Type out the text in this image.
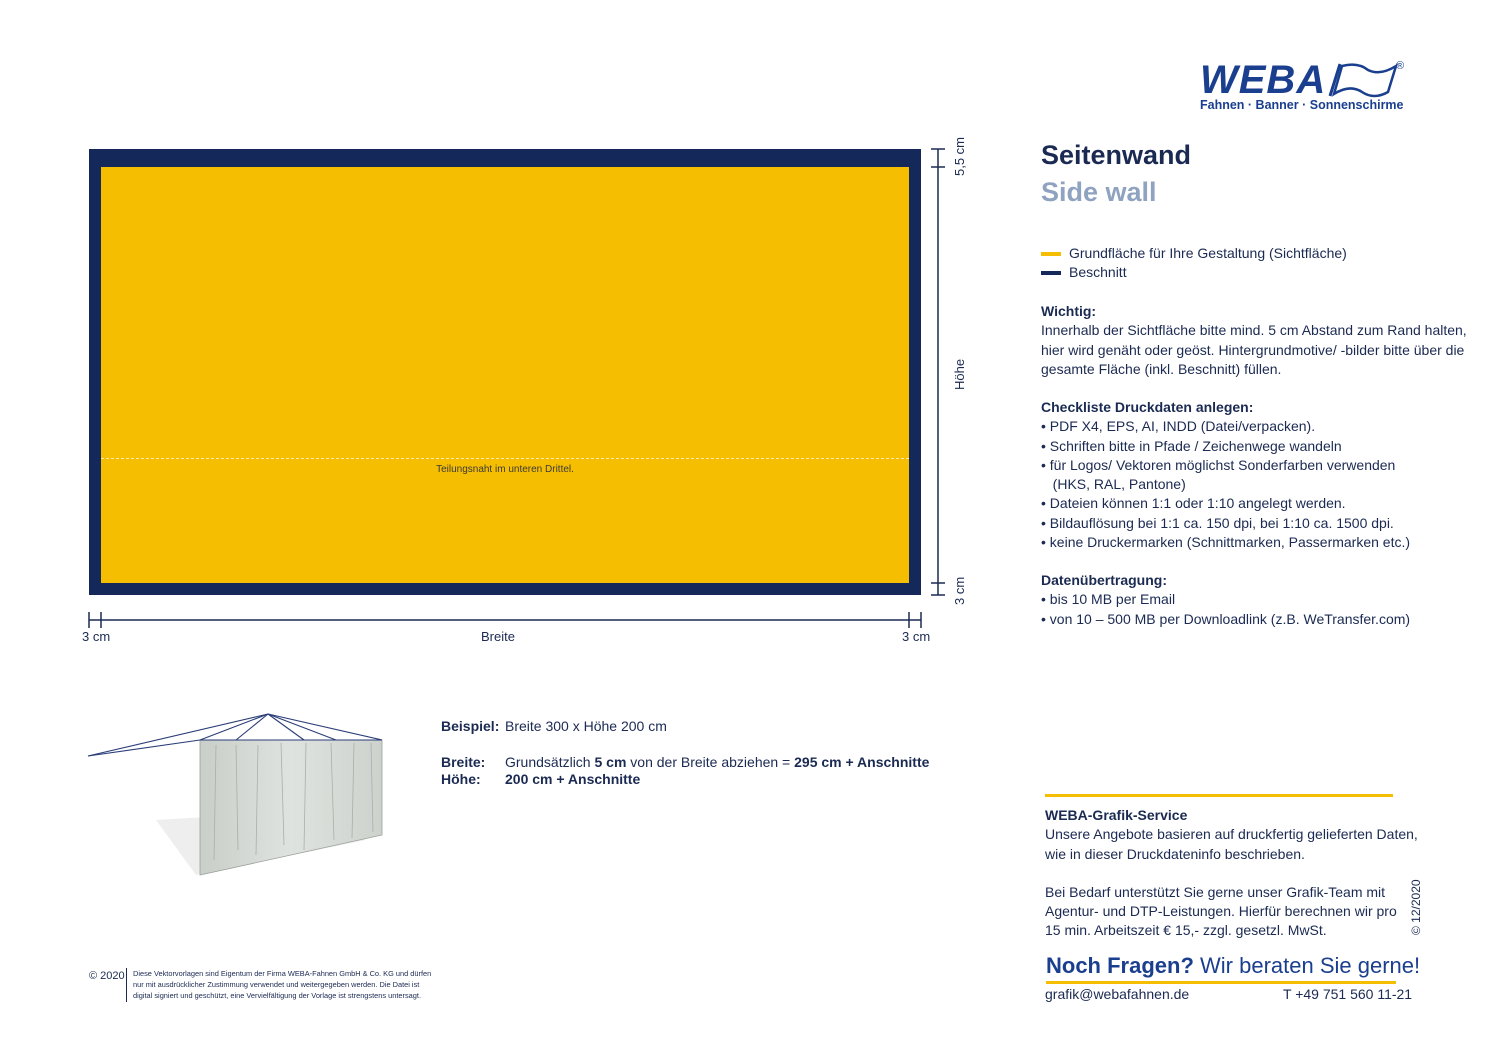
WEBA	®
Fahnen · Banner · Sonnenschirme
Teilungsnaht im unteren Drittel.
5,5 cm
Höhe
3 cm
3 cm	Breite	3 cm
Seitenwand
Side wall
Grundfläche für Ihre Gestaltung (Sichtfläche)
Beschnitt
Wichtig:
Innerhalb der Sichtfläche bitte mind. 5 cm Abstand zum Rand halten,
hier wird genäht oder geöst. Hintergrundmotive/ -bilder bitte über die
gesamte Fläche (inkl. Beschnitt) füllen.
Checkliste Druckdaten anlegen:
• PDF X4, EPS, AI, INDD (Datei/verpacken).
• Schriften bitte in Pfade / Zeichenwege wandeln
• für Logos/ Vektoren möglichst Sonderfarben verwenden
(HKS, RAL, Pantone)
• Dateien können 1:1 oder 1:10 angelegt werden.
• Bildauflösung bei 1:1 ca. 150 dpi, bei 1:10 ca. 1500 dpi.
• keine Druckermarken (Schnittmarken, Passermarken etc.)
Datenübertragung:
• bis 10 MB per Email
• von 10 – 500 MB per Downloadlink (z.B. WeTransfer.com)
Beispiel: Breite 300 x Höhe 200 cm
Breite: Grundsätzlich 5 cm von der Breite abziehen = 295 cm + Anschnitte
Höhe: 200 cm + Anschnitte
WEBA-Grafik-Service
Unsere Angebote basieren auf druckfertig gelieferten Daten,
wie in dieser Druckdateninfo beschrieben.
Bei Bedarf unterstützt Sie gerne unser Grafik-Team mit
Agentur- und DTP-Leistungen. Hierfür berechnen wir pro
15 min. Arbeitszeit € 15,- zzgl. gesetzl. MwSt.	© 12/2020
Noch Fragen? Wir beraten Sie gerne!
grafik@webafahnen.de	T +49 751 560 11-21
© 2020 Diese Vektorvorlagen sind Eigentum der Firma WEBA-Fahnen GmbH & Co. KG und dürfen
nur mit ausdrücklicher Zustimmung verwendet und weitergegeben werden. Die Datei ist
digital signiert und geschützt, eine Vervielfältigung der Vorlage ist strengstens untersagt.
